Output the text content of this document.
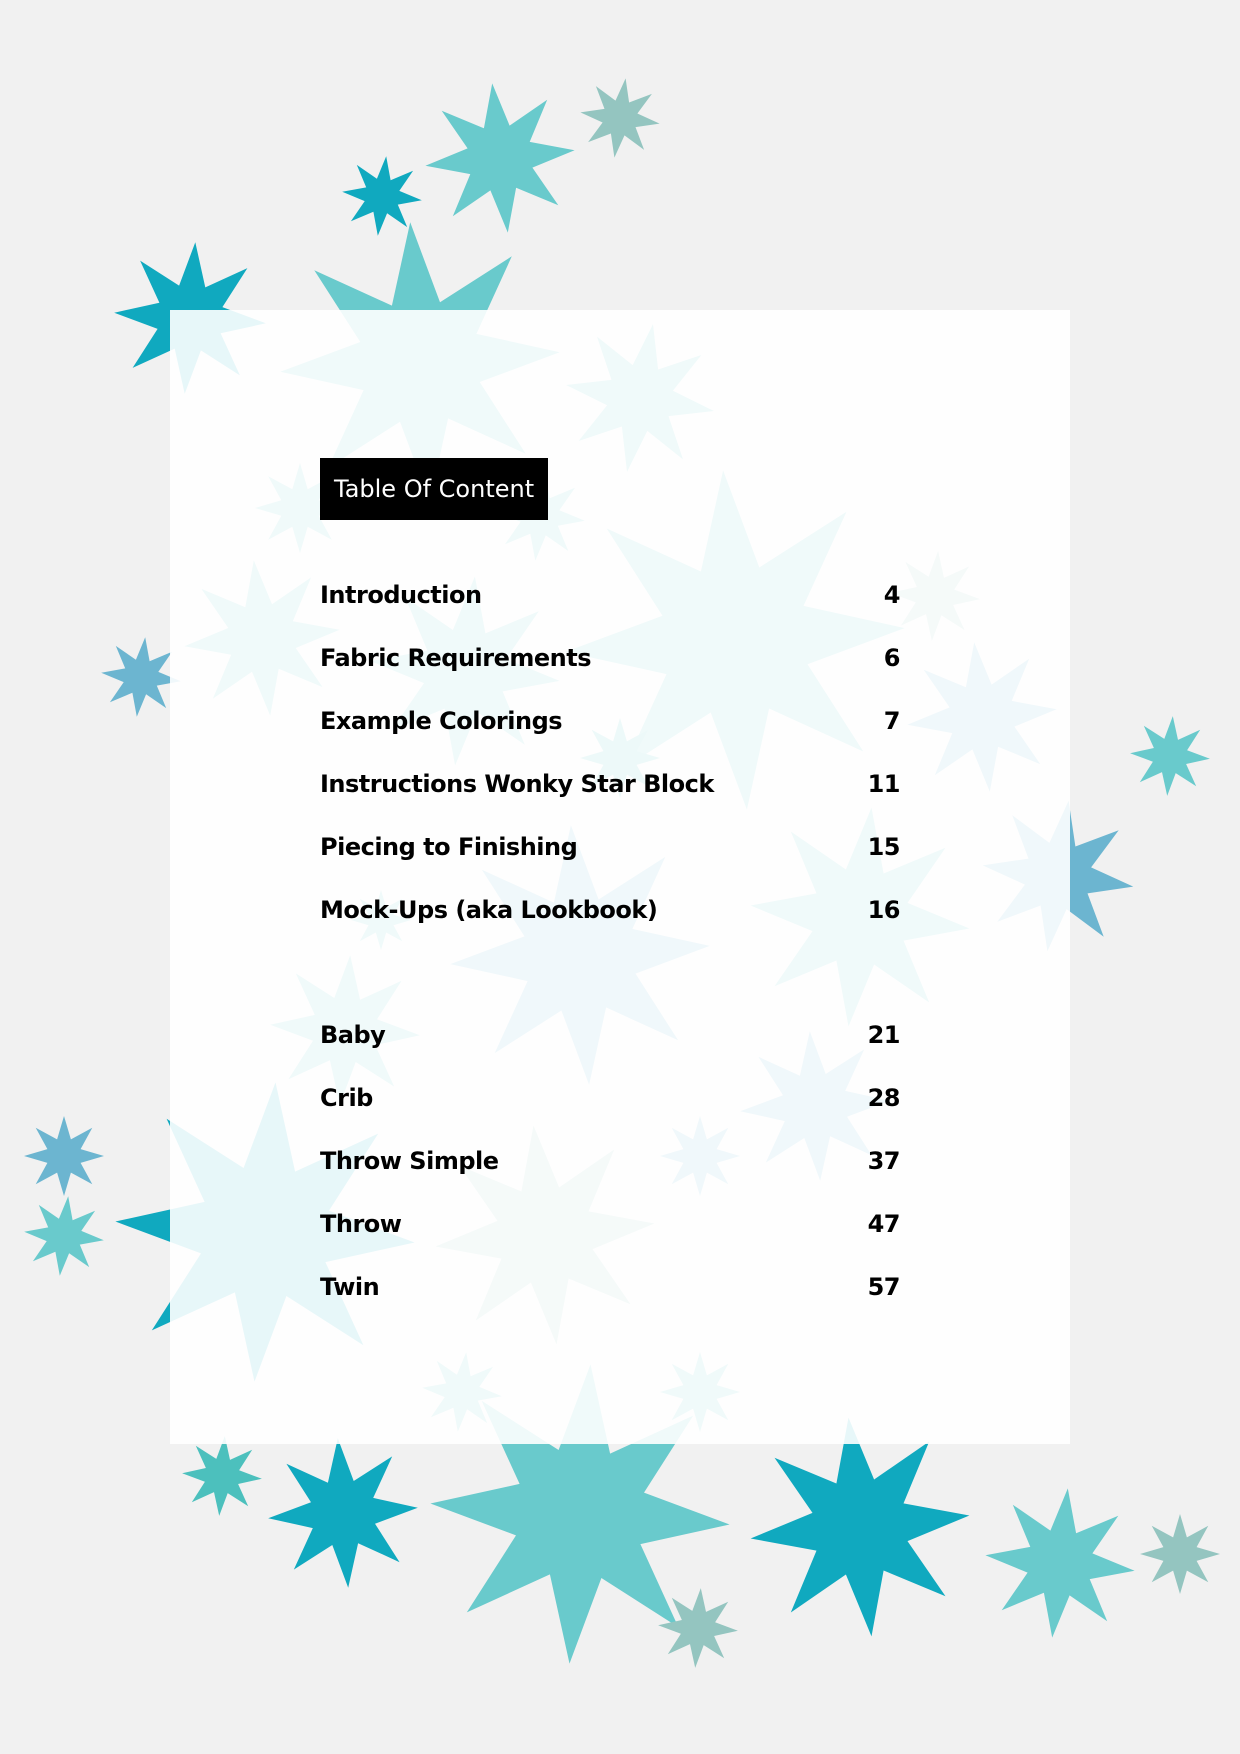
Table Of Content
Introduction	4
Fabric Requirements	6
Example Colorings	7
Instructions Wonky Star Block	11
Piecing to Finishing	15
Mock-Ups (aka Lookbook)	16
Baby	21
Crib	28
Throw Simple	37
Throw	47
Twin	57
